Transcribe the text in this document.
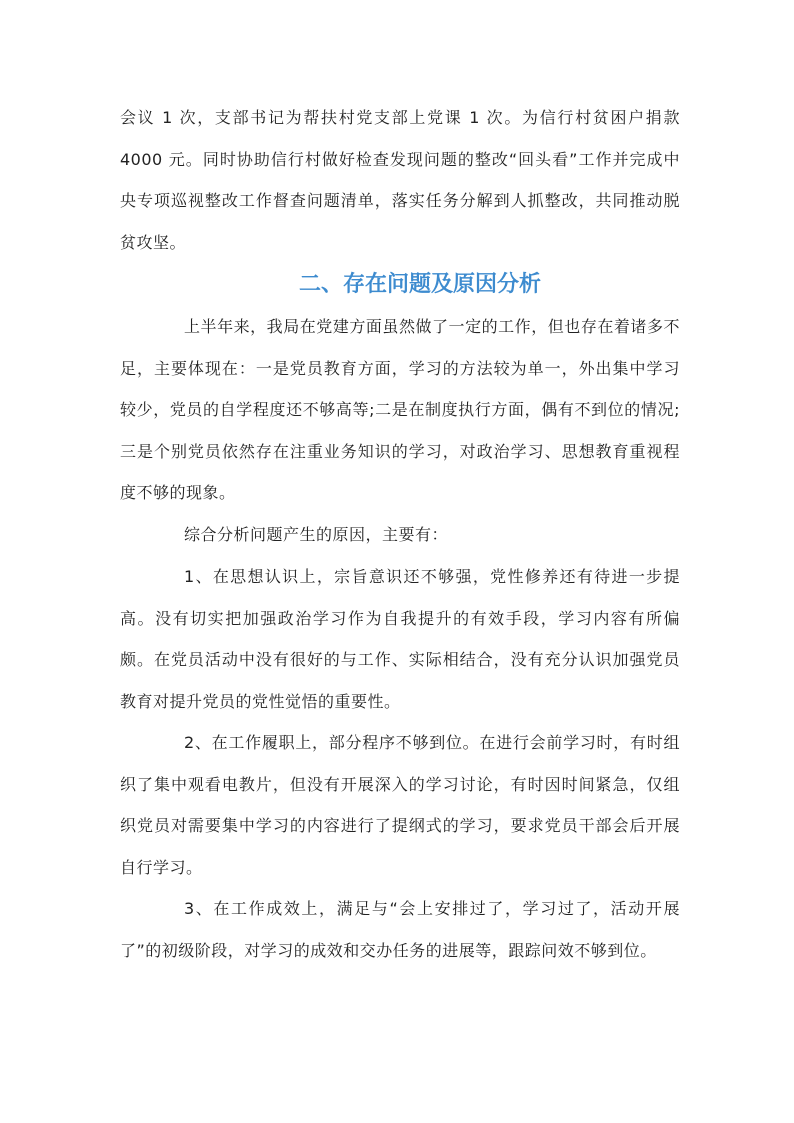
会议 1 次，支部书记为帮扶村党支部上党课 1 次。为信行村贫困户捐款 4000 元。同时协助信行村做好检查发现问题的整改“回头看”工作并完成中央专项巡视整改工作督查问题清单，落实任务分解到人抓整改，共同推动脱贫攻坚。

二、存在问题及原因分析

上半年来，我局在党建方面虽然做了一定的工作，但也存在着诸多不足，主要体现在：一是党员教育方面，学习的方法较为单一，外出集中学习较少，党员的自学程度还不够高等;二是在制度执行方面，偶有不到位的情况;三是个别党员依然存在注重业务知识的学习，对政治学习、思想教育重视程度不够的现象。

综合分析问题产生的原因，主要有：

1、在思想认识上，宗旨意识还不够强，党性修养还有待进一步提高。没有切实把加强政治学习作为自我提升的有效手段，学习内容有所偏颇。在党员活动中没有很好的与工作、实际相结合，没有充分认识加强党员教育对提升党员的党性觉悟的重要性。

2、在工作履职上，部分程序不够到位。在进行会前学习时，有时组织了集中观看电教片，但没有开展深入的学习讨论，有时因时间紧急，仅组织党员对需要集中学习的内容进行了提纲式的学习，要求党员干部会后开展自行学习。

3、在工作成效上，满足与“会上安排过了，学习过了，活动开展了”的初级阶段，对学习的成效和交办任务的进展等，跟踪问效不够到位。
